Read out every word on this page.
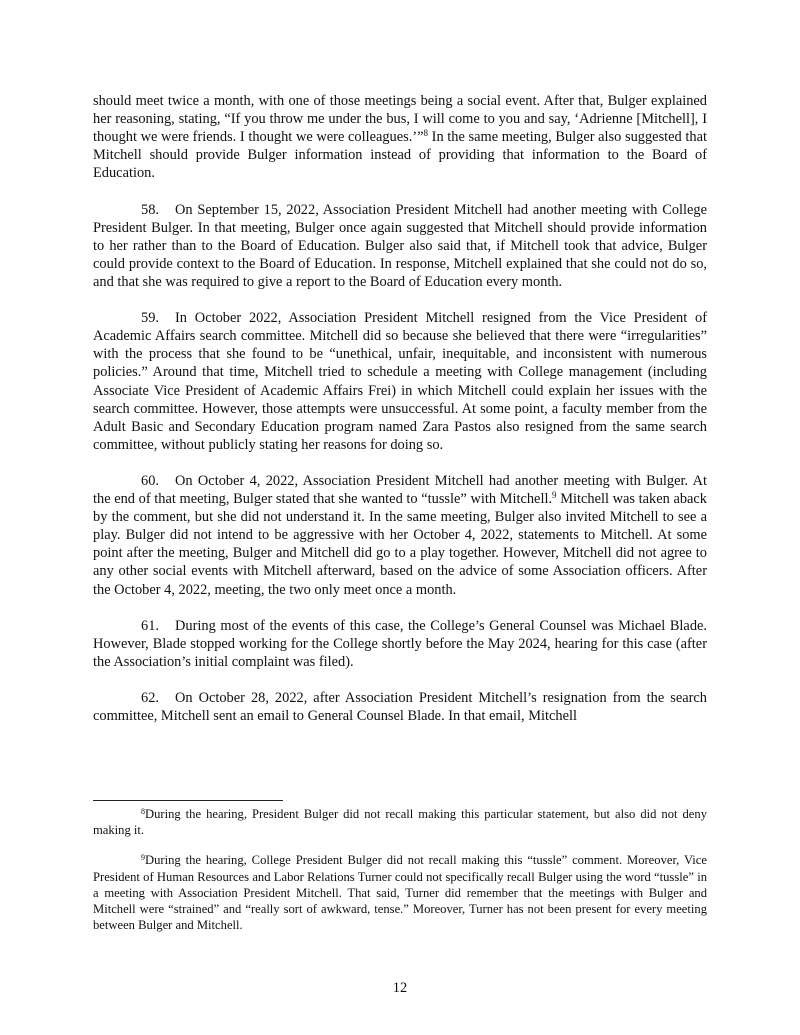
should meet twice a month, with one of those meetings being a social event. After that, Bulger explained her reasoning, stating, “If you throw me under the bus, I will come to you and say, ‘Adrienne [Mitchell], I thought we were friends. I thought we were colleagues.’”$^8$ In the same meeting, Bulger also suggested that Mitchell should provide Bulger information instead of providing that information to the Board of Education.

58. On September 15, 2022, Association President Mitchell had another meeting with College President Bulger. In that meeting, Bulger once again suggested that Mitchell should provide information to her rather than to the Board of Education. Bulger also said that, if Mitchell took that advice, Bulger could provide context to the Board of Education. In response, Mitchell explained that she could not do so, and that she was required to give a report to the Board of Education every month.

59. In October 2022, Association President Mitchell resigned from the Vice President of Academic Affairs search committee. Mitchell did so because she believed that there were “irregularities” with the process that she found to be “unethical, unfair, inequitable, and inconsistent with numerous policies.” Around that time, Mitchell tried to schedule a meeting with College management (including Associate Vice President of Academic Affairs Frei) in which Mitchell could explain her issues with the search committee. However, those attempts were unsuccessful. At some point, a faculty member from the Adult Basic and Secondary Education program named Zara Pastos also resigned from the same search committee, without publicly stating her reasons for doing so.

60. On October 4, 2022, Association President Mitchell had another meeting with Bulger. At the end of that meeting, Bulger stated that she wanted to “tussle” with Mitchell.$^9$ Mitchell was taken aback by the comment, but she did not understand it. In the same meeting, Bulger also invited Mitchell to see a play. Bulger did not intend to be aggressive with her October 4, 2022, statements to Mitchell. At some point after the meeting, Bulger and Mitchell did go to a play together. However, Mitchell did not agree to any other social events with Mitchell afterward, based on the advice of some Association officers. After the October 4, 2022, meeting, the two only meet once a month.

61. During most of the events of this case, the College’s General Counsel was Michael Blade. However, Blade stopped working for the College shortly before the May 2024, hearing for this case (after the Association’s initial complaint was filed).

62. On October 28, 2022, after Association President Mitchell’s resignation from the search committee, Mitchell sent an email to General Counsel Blade. In that email, Mitchell

$^8$During the hearing, President Bulger did not recall making this particular statement, but also did not deny making it.

$^9$During the hearing, College President Bulger did not recall making this “tussle” comment. Moreover, Vice President of Human Resources and Labor Relations Turner could not specifically recall Bulger using the word “tussle” in a meeting with Association President Mitchell. That said, Turner did remember that the meetings with Bulger and Mitchell were “strained” and “really sort of awkward, tense.” Moreover, Turner has not been present for every meeting between Bulger and Mitchell.

12
